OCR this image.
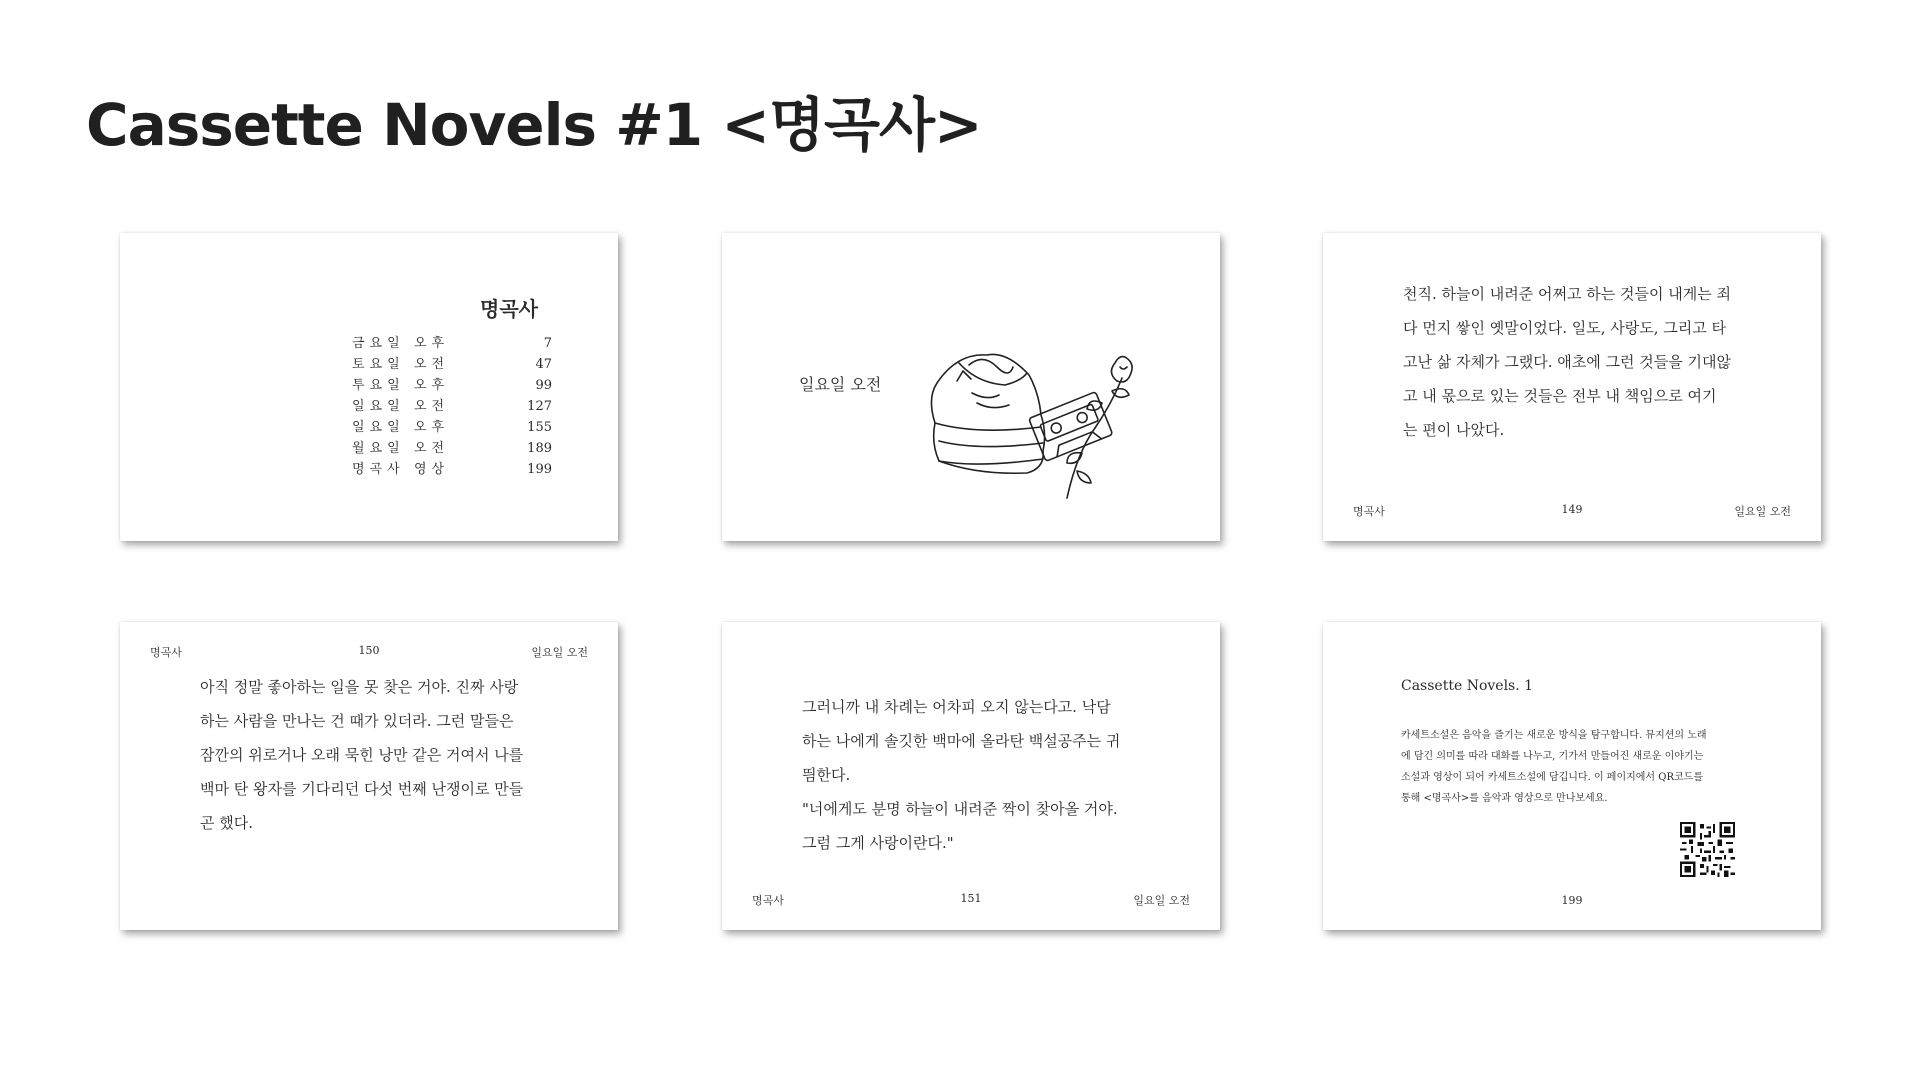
Cassette Novels #1 <명곡사>
명곡사
금요일 오후	7
토요일 오전	47
투요일 오후	99
일요일 오전	127
일요일 오후	155
월요일 오전	189
명곡사 영상	199
일요일 오전
천직. 하늘이 내려준 어쩌고 하는 것들이 내게는 죄
다 먼지 쌓인 옛말이었다. 일도, 사랑도, 그리고 타
고난 삶 자체가 그랬다. 애초에 그런 것들을 기대않
고 내 몫으로 있는 것들은 전부 내 책임으로 여기
는 편이 나았다.
명곡사	149	일요일 오전
명곡사	150	일요일 오전
아직 정말 좋아하는 일을 못 찾은 거야. 진짜 사랑
하는 사람을 만나는 건 때가 있더라. 그런 말들은
잠깐의 위로거나 오래 묵힌 낭만 같은 거여서 나를
백마 탄 왕자를 기다리던 다섯 번째 난쟁이로 만들
곤 했다.
그러니까 내 차례는 어차피 오지 않는다고. 낙담
하는 나에게 솔깃한 백마에 올라탄 백설공주는 귀
띔한다.
"너에게도 분명 하늘이 내려준 짝이 찾아올 거야.
그럼 그게 사랑이란다."
명곡사	151	일요일 오전
Cassette Novels. 1
카세트소설은 음악을 즐기는 새로운 방식을 탐구합니다. 뮤지션의 노래
에 담긴 의미를 따라 대화를 나누고, 기가서 만들어진 새로운 이야기는
소설과 영상이 되어 카세트소설에 담깁니다. 이 페이지에서 QR코드를
통해 <명곡사>를 음악과 영상으로 만나보세요.
199
